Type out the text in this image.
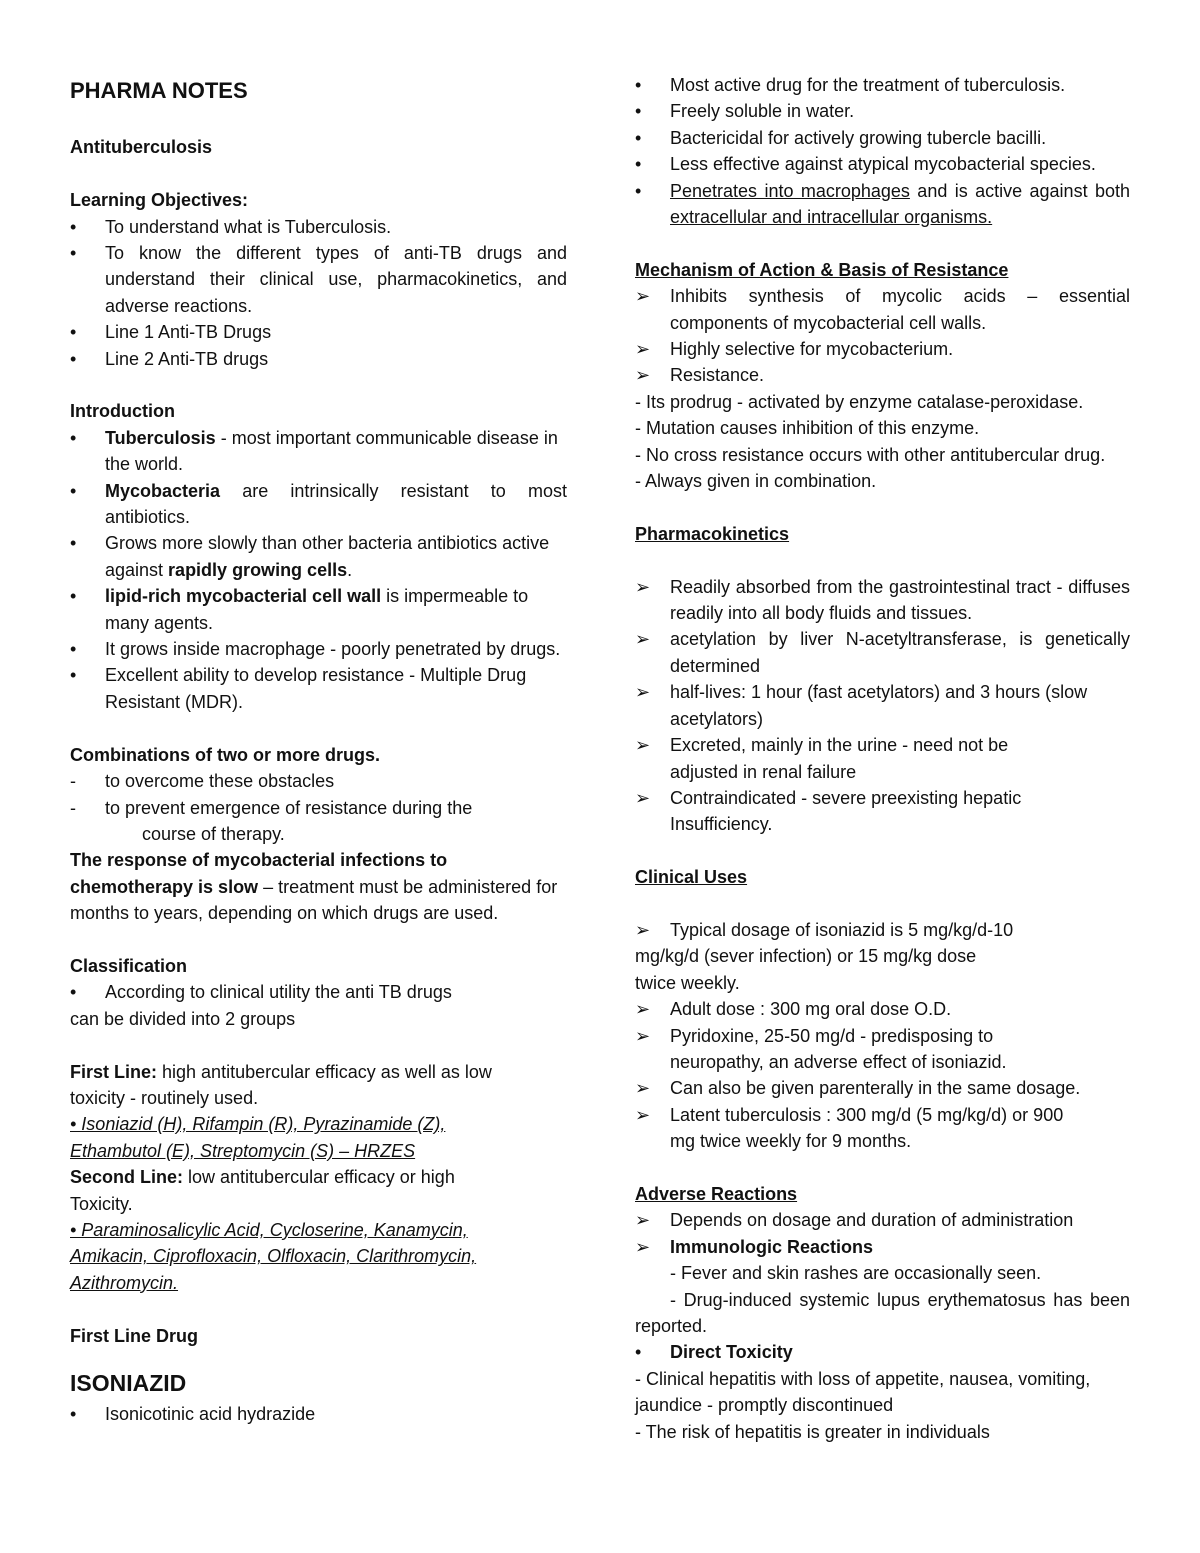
PHARMA NOTES
Antituberculosis
Learning Objectives:
•	To understand what is Tuberculosis.
•	To know the different types of anti-TB drugs and understand their clinical use, pharmacokinetics, and adverse reactions.
•	Line 1 Anti-TB Drugs
•	Line 2 Anti-TB drugs
Introduction
•	Tuberculosis - most important communicable disease in the world.
•	Mycobacteria are intrinsically resistant to most antibiotics.
•	Grows more slowly than other bacteria antibiotics active against rapidly growing cells.
•	lipid-rich mycobacterial cell wall is impermeable to many agents.
•	It grows inside macrophage - poorly penetrated by drugs.
•	Excellent ability to develop resistance - Multiple Drug Resistant (MDR).
Combinations of two or more drugs.
-	to overcome these obstacles
-	to prevent emergence of resistance during the
course of therapy.
The response of mycobacterial infections to chemotherapy is slow – treatment must be administered for months to years, depending on which drugs are used.
Classification
•	According to clinical utility the anti TB drugs
can be divided into 2 groups
First Line: high antitubercular efficacy as well as low toxicity - routinely used.
• Isoniazid (H), Rifampin (R), Pyrazinamide (Z), Ethambutol (E), Streptomycin (S) – HRZES
Second Line: low antitubercular efficacy or high Toxicity.
• Paraminosalicylic Acid, Cycloserine, Kanamycin, Amikacin, Ciprofloxacin, Olfloxacin, Clarithromycin, Azithromycin.
First Line Drug
ISONIAZID
•	Isonicotinic acid hydrazide
•	Most active drug for the treatment of tuberculosis.
•	Freely soluble in water.
•	Bactericidal for actively growing tubercle bacilli.
•	Less effective against atypical mycobacterial species.
•	Penetrates into macrophages and is active against both extracellular and intracellular organisms.
Mechanism of Action & Basis of Resistance
➢	Inhibits synthesis of mycolic acids – essential components of mycobacterial cell walls.
➢	Highly selective for mycobacterium.
➢	Resistance.
- Its prodrug - activated by enzyme catalase-peroxidase.
- Mutation causes inhibition of this enzyme.
- No cross resistance occurs with other antitubercular drug.
- Always given in combination.
Pharmacokinetics
➢	Readily absorbed from the gastrointestinal tract - diffuses readily into all body fluids and tissues.
➢	acetylation by liver N-acetyltransferase, is genetically determined
➢	half-lives: 1 hour (fast acetylators) and 3 hours (slow acetylators)
➢	Excreted, mainly in the urine - need not be adjusted in renal failure
➢	Contraindicated - severe preexisting hepatic Insufficiency.
Clinical Uses
➢	Typical dosage of isoniazid is 5 mg/kg/d-10
mg/kg/d (sever infection) or 15 mg/kg dose
twice weekly.
➢	Adult dose : 300 mg oral dose O.D.
➢	Pyridoxine, 25-50 mg/d - predisposing to neuropathy, an adverse effect of isoniazid.
➢	Can also be given parenterally in the same dosage.
➢	Latent tuberculosis : 300 mg/d (5 mg/kg/d) or 900 mg twice weekly for 9 months.
Adverse Reactions
➢	Depends on dosage and duration of administration
➢	Immunologic Reactions
- Fever and skin rashes are occasionally seen.
- Drug-induced systemic lupus erythematosus has been reported.
•	Direct Toxicity
- Clinical hepatitis with loss of appetite, nausea, vomiting, jaundice - promptly discontinued
- The risk of hepatitis is greater in individuals
